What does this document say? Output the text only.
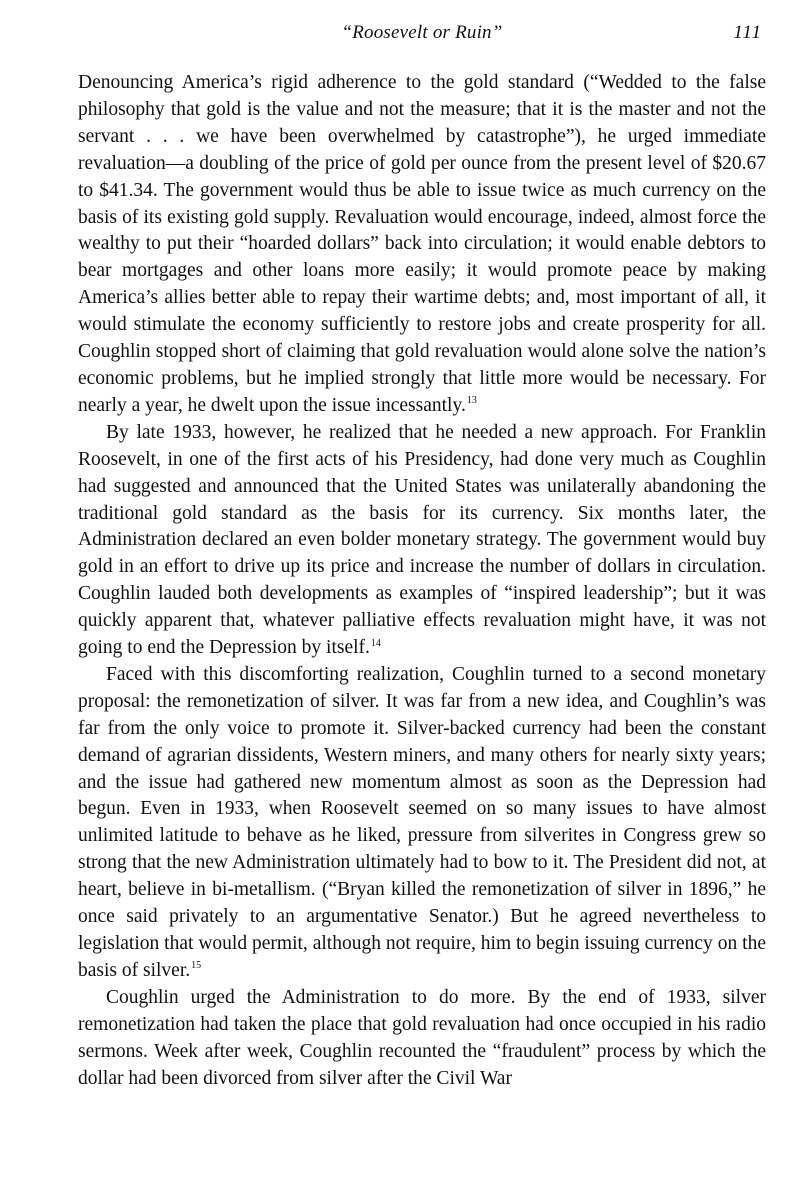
“Roosevelt or Ruin”	111

Denouncing America’s rigid adherence to the gold standard (“Wedded to the false philosophy that gold is the value and not the measure; that it is the master and not the servant . . . we have been overwhelmed by catastrophe”), he urged immediate revaluation—a doubling of the price of gold per ounce from the present level of $20.67 to $41.34. The government would thus be able to issue twice as much currency on the basis of its existing gold supply. Revaluation would encourage, indeed, almost force the wealthy to put their “hoarded dollars” back into circulation; it would enable debtors to bear mortgages and other loans more easily; it would promote peace by making America’s allies better able to repay their wartime debts; and, most important of all, it would stimulate the economy sufficiently to restore jobs and create prosperity for all. Coughlin stopped short of claiming that gold revaluation would alone solve the nation’s economic problems, but he implied strongly that little more would be necessary. For nearly a year, he dwelt upon the issue incessantly.$^{13}$

By late 1933, however, he realized that he needed a new approach. For Franklin Roosevelt, in one of the first acts of his Presidency, had done very much as Coughlin had suggested and announced that the United States was unilaterally abandoning the traditional gold standard as the basis for its currency. Six months later, the Administration declared an even bolder monetary strategy. The government would buy gold in an effort to drive up its price and increase the number of dollars in circulation. Coughlin lauded both developments as examples of “inspired leadership”; but it was quickly apparent that, whatever palliative effects revaluation might have, it was not going to end the Depression by itself.$^{14}$

Faced with this discomforting realization, Coughlin turned to a second monetary proposal: the remonetization of silver. It was far from a new idea, and Coughlin’s was far from the only voice to promote it. Silver-backed currency had been the constant demand of agrarian dissidents, Western miners, and many others for nearly sixty years; and the issue had gathered new momentum almost as soon as the Depression had begun. Even in 1933, when Roosevelt seemed on so many issues to have almost unlimited latitude to behave as he liked, pressure from silverites in Congress grew so strong that the new Administration ultimately had to bow to it. The President did not, at heart, believe in bi-metallism. (“Bryan killed the remonetization of silver in 1896,” he once said privately to an argumentative Senator.) But he agreed nevertheless to legislation that would permit, although not require, him to begin issuing currency on the basis of silver.$^{15}$

Coughlin urged the Administration to do more. By the end of 1933, silver remonetization had taken the place that gold revaluation had once occupied in his radio sermons. Week after week, Coughlin recounted the “fraudulent” process by which the dollar had been divorced from silver after the Civil War
